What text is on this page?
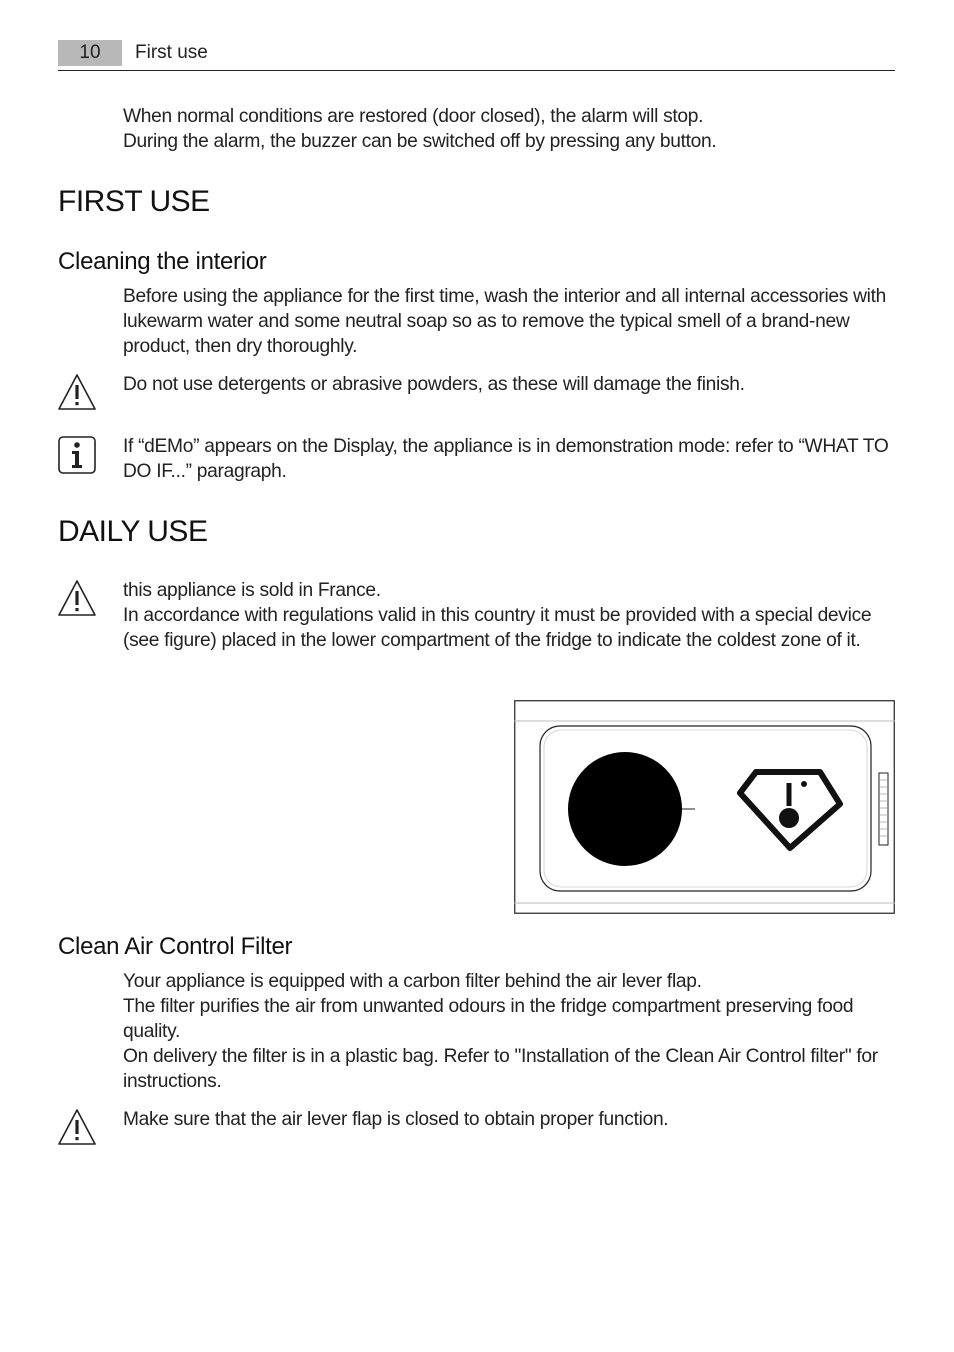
10	First use

When normal conditions are restored (door closed), the alarm will stop.

During the alarm, the buzzer can be switched off by pressing any button.

FIRST USE
Cleaning the interior
Before using the appliance for the first time, wash the interior and all internal accessories with lukewarm water and some neutral soap so as to remove the typical smell of a brand-new product, then dry thoroughly.
Do not use detergents or abrasive powders, as these will damage the finish.
If “dEMo” appears on the Display, the appliance is in demonstration mode: refer to “WHAT TO DO IF...” paragraph.
DAILY USE

this appliance is sold in France.

In accordance with regulations valid in this country it must be provided with a special device (see figure) placed in the lower compartment of the fridge to indicate the coldest zone of it.

Clean Air Control Filter

Your appliance is equipped with a carbon filter behind the air lever flap.

The filter purifies the air from unwanted odours in the fridge compartment preserving food quality.

On delivery the filter is in a plastic bag. Refer to "Installation of the Clean Air Control filter" for instructions.

Make sure that the air lever flap is closed to obtain proper function.
